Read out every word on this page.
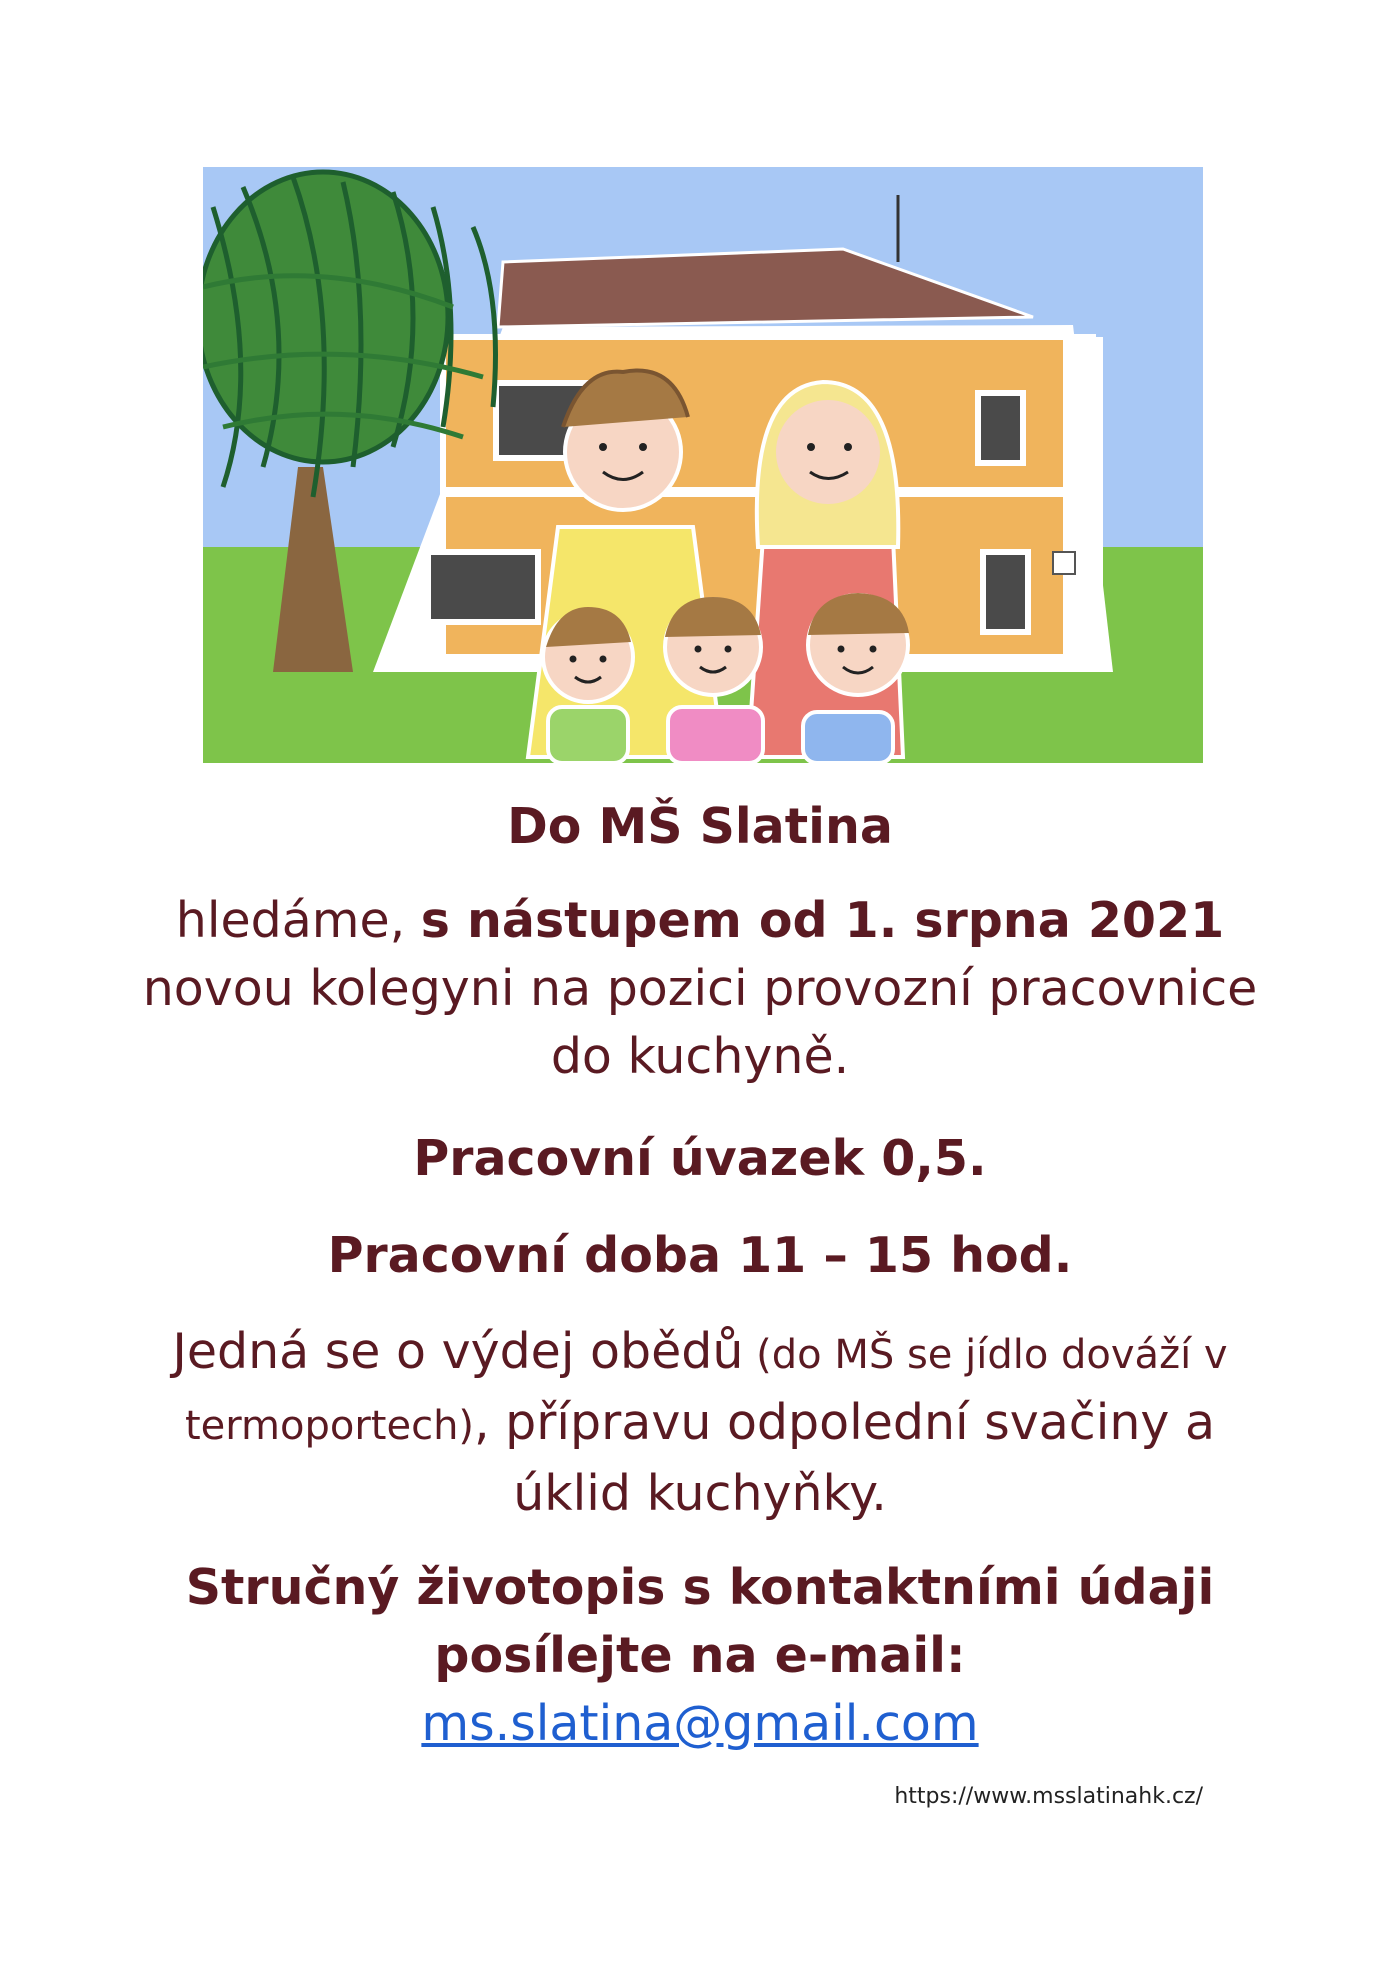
Do MŠ Slatina
hledáme, s nástupem od 1. srpna 2021 novou kolegyni na pozici provozní pracovnice do kuchyně.
Pracovní úvazek 0,5.
Pracovní doba 11 – 15 hod.
Jedná se o výdej obědů (do MŠ se jídlo dováží v termoportech), přípravu odpolední svačiny a úklid kuchyňky.
Stručný životopis s kontaktními údaji posílejte na e-mail:
ms.slatina@gmail.com
https://www.msslatinahk.cz/
